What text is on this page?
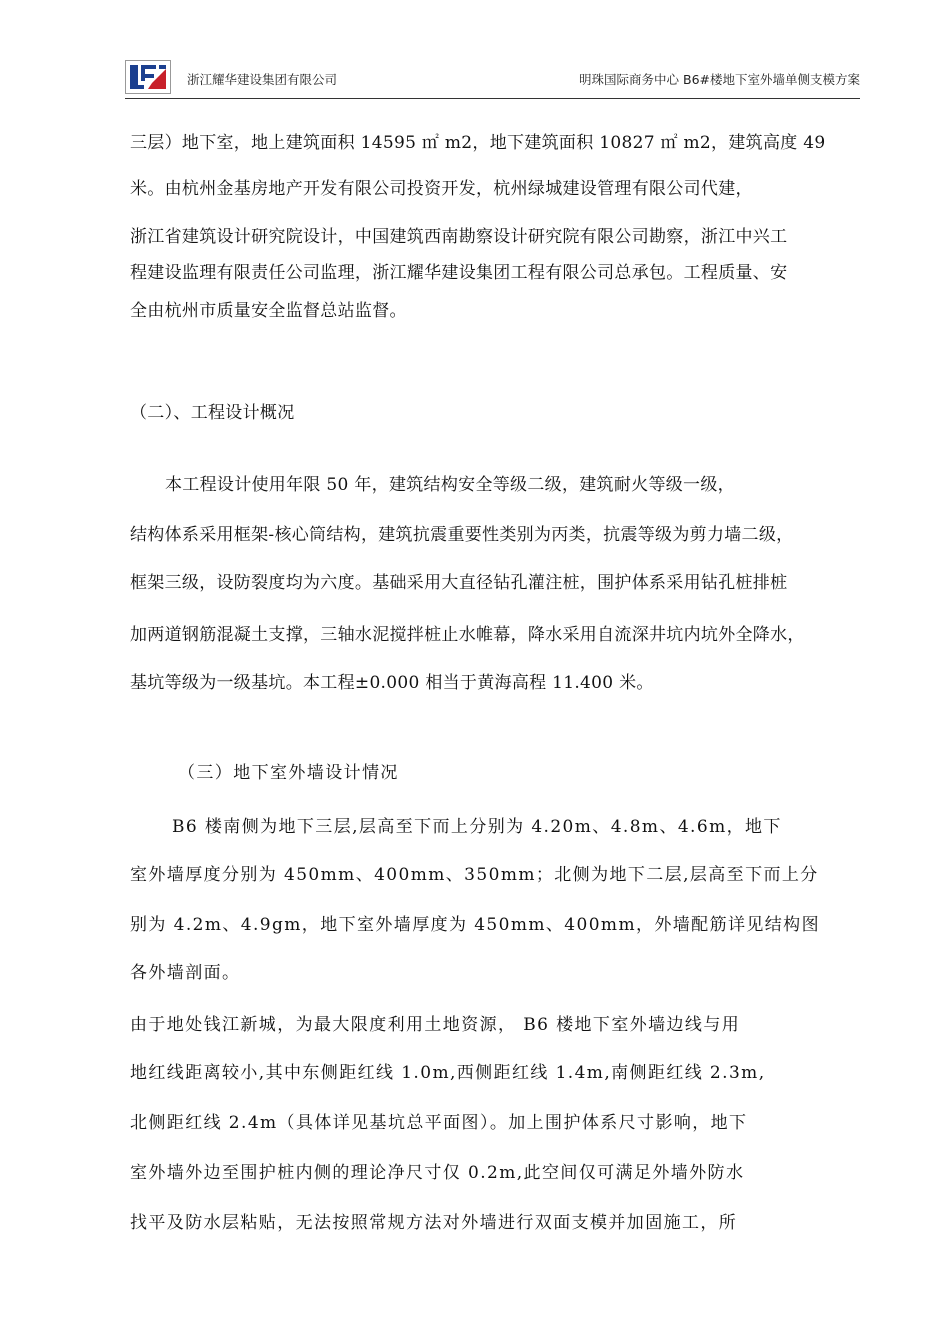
浙江耀华建设集团有限公司	明珠国际商务中心 B6#楼地下室外墙单侧支模方案
三层）地下室，地上建筑面积 14595 ㎡ m2，地下建筑面积 10827 ㎡ m2，建筑高度 49
米。由杭州金基房地产开发有限公司投资开发，杭州绿城建设管理有限公司代建，
浙江省建筑设计研究院设计，中国建筑西南勘察设计研究院有限公司勘察，浙江中兴工
程建设监理有限责任公司监理，浙江耀华建设集团工程有限公司总承包。工程质量、安
全由杭州市质量安全监督总站监督。
（二）、工程设计概况
本工程设计使用年限 50 年，建筑结构安全等级二级，建筑耐火等级一级，
结构体系采用框架-核心筒结构，建筑抗震重要性类别为丙类，抗震等级为剪力墙二级，
框架三级，设防裂度均为六度。基础采用大直径钻孔灌注桩，围护体系采用钻孔桩排桩
加两道钢筋混凝土支撑，三轴水泥搅拌桩止水帷幕，降水采用自流深井坑内坑外全降水，
基坑等级为一级基坑。本工程±0.000 相当于黄海高程 11.400 米。
（三）地下室外墙设计情况
B6 楼南侧为地下三层,层高至下而上分别为 4.20m、4.8m、4.6m，地下
室外墙厚度分别为 450mm、400mm、350mm；北侧为地下二层,层高至下而上分
别为 4.2m、4.9gm，地下室外墙厚度为 450mm、400mm，外墙配筋详见结构图
各外墙剖面。
由于地处钱江新城，为最大限度利用土地资源， B6 楼地下室外墙边线与用
地红线距离较小,其中东侧距红线 1.0m,西侧距红线 1.4m,南侧距红线 2.3m,
北侧距红线 2.4m（具体详见基坑总平面图）。加上围护体系尺寸影响，地下
室外墙外边至围护桩内侧的理论净尺寸仅 0.2m,此空间仅可满足外墙外防水
找平及防水层粘贴，无法按照常规方法对外墙进行双面支模并加固施工，所
